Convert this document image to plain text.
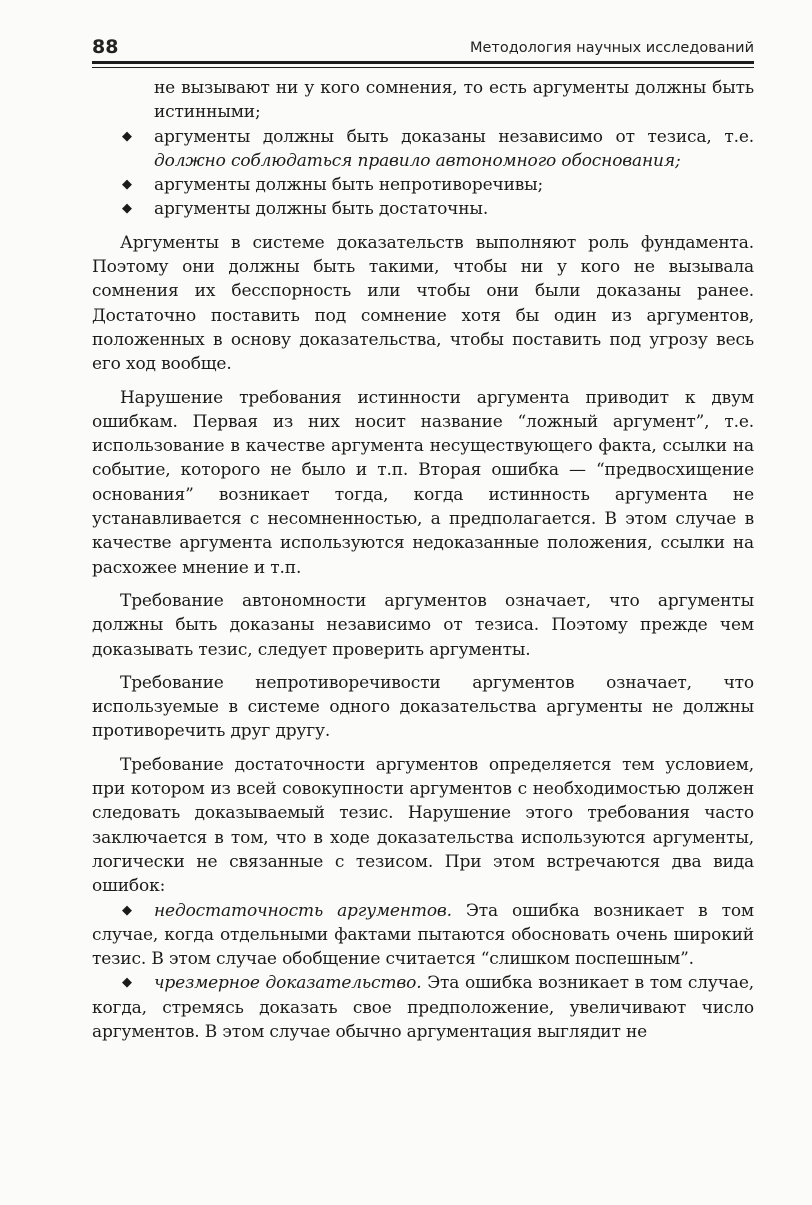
88	Методология научных исследований

не вызывают ни у кого сомнения, то есть аргументы должны быть истинными;

◆ аргументы должны быть доказаны независимо от тезиса, т.е. должно соблюдаться правило автономного обоснования;

◆ аргументы должны быть непротиворечивы;

◆ аргументы должны быть достаточны.

Аргументы в системе доказательств выполняют роль фундамента. Поэтому они должны быть такими, чтобы ни у кого не вызывала сомнения их бесспорность или чтобы они были доказаны ранее. Достаточно поставить под сомнение хотя бы один из аргументов, положенных в основу доказательства, чтобы поставить под угрозу весь его ход вообще.

Нарушение требования истинности аргумента приводит к двум ошибкам. Первая из них носит название “ложный аргумент”, т.е. использование в качестве аргумента несуществующего факта, ссылки на событие, которого не было и т.п. Вторая ошибка — “предвосхищение основания” возникает тогда, когда истинность аргумента не устанавливается с несомненностью, а предполагается. В этом случае в качестве аргумента используются недоказанные положения, ссылки на расхожее мнение и т.п.

Требование автономности аргументов означает, что аргументы должны быть доказаны независимо от тезиса. Поэтому прежде чем доказывать тезис, следует проверить аргументы.

Требование непротиворечивости аргументов означает, что используемые в системе одного доказательства аргументы не должны противоречить друг другу.

Требование достаточности аргументов определяется тем условием, при котором из всей совокупности аргументов с необходимостью должен следовать доказываемый тезис. Нарушение этого требования часто заключается в том, что в ходе доказательства используются аргументы, логически не связанные с тезисом. При этом встречаются два вида ошибок:

◆ недостаточность аргументов. Эта ошибка возникает в том случае, когда отдельными фактами пытаются обосновать очень широкий тезис. В этом случае обобщение считается “слишком поспешным”.

◆ чрезмерное доказательство. Эта ошибка возникает в том случае, когда, стремясь доказать свое предположение, увеличивают число аргументов. В этом случае обычно аргументация выглядит не
